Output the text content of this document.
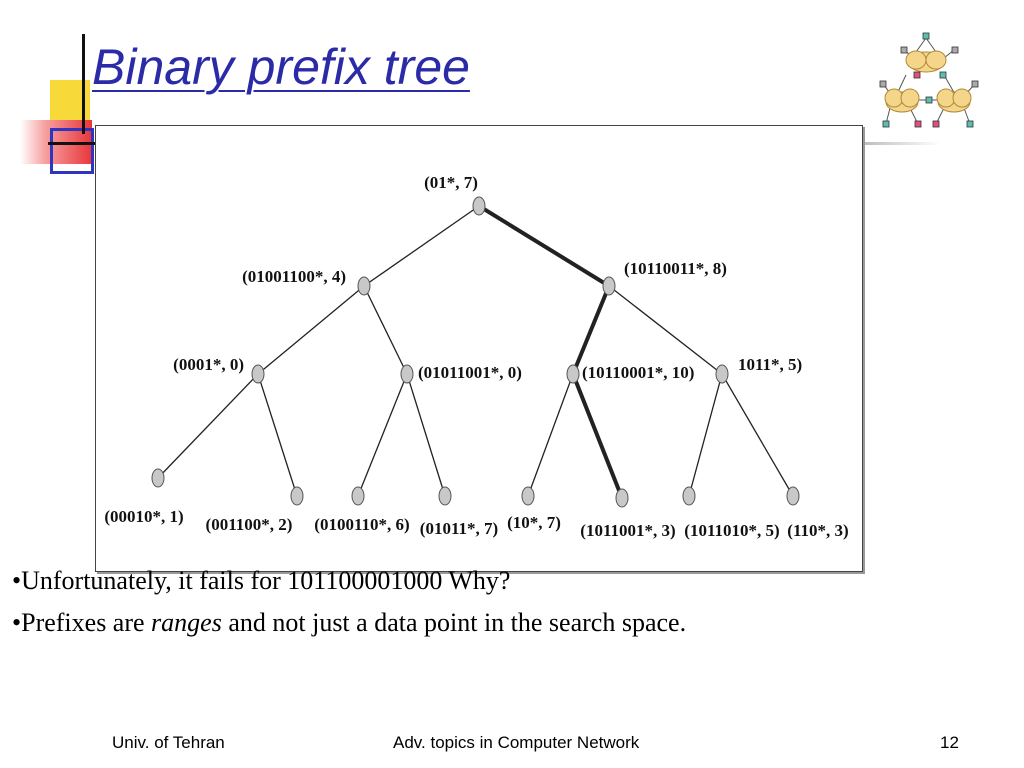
Binary prefix tree
(01*, 7)
(01001100*, 4)	(10110011*, 8)
(0001*, 0)	(01011001*, 0)	(10110001*, 10)	1011*, 5)
(00010*, 1) (001100*, 2) (0100110*, 6) (01011*, 7) (10*, 7) (1011001*, 3) (1011010*, 5) (110*, 3)
•Unfortunately, it fails for 101100001000 Why?
•Prefixes are ranges and not just a data point in the search space.
Univ. of Tehran	Adv. topics in Computer Network	12
